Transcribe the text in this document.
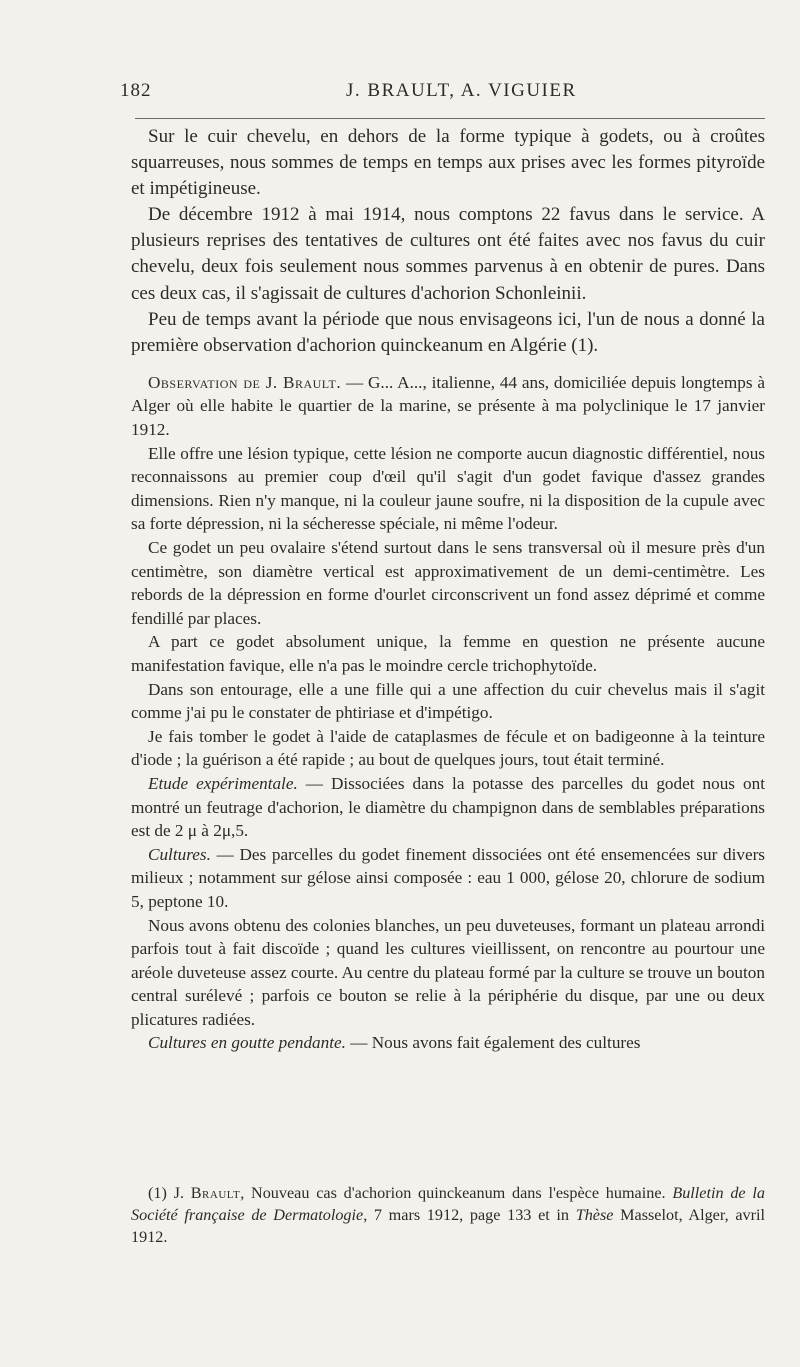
182	J. BRAULT, A. VIGUIER

Sur le cuir chevelu, en dehors de la forme typique à godets, ou à croûtes squarreuses, nous sommes de temps en temps aux prises avec les formes pityroïde et impétigineuse.

De décembre 1912 à mai 1914, nous comptons 22 favus dans le service. A plusieurs reprises des tentatives de cultures ont été faites avec nos favus du cuir chevelu, deux fois seulement nous sommes parvenus à en obtenir de pures. Dans ces deux cas, il s'agissait de cultures d'achorion Schonleinii.

Peu de temps avant la période que nous envisageons ici, l'un de nous a donné la première observation d'achorion quinckeanum en Algérie (1).

Observation de J. Brault. — G... A..., italienne, 44 ans, domiciliée depuis longtemps à Alger où elle habite le quartier de la marine, se présente à ma polyclinique le 17 janvier 1912.

Elle offre une lésion typique, cette lésion ne comporte aucun diagnostic différentiel, nous reconnaissons au premier coup d'œil qu'il s'agit d'un godet favique d'assez grandes dimensions. Rien n'y manque, ni la couleur jaune soufre, ni la disposition de la cupule avec sa forte dépression, ni la sécheresse spéciale, ni même l'odeur.

Ce godet un peu ovalaire s'étend surtout dans le sens transversal où il mesure près d'un centimètre, son diamètre vertical est approximativement de un demi-centimètre. Les rebords de la dépression en forme d'ourlet circonscrivent un fond assez déprimé et comme fendillé par places.

A part ce godet absolument unique, la femme en question ne présente aucune manifestation favique, elle n'a pas le moindre cercle trichophytoïde.

Dans son entourage, elle a une fille qui a une affection du cuir chevelus mais il s'agit comme j'ai pu le constater de phtiriase et d'impétigo.

Je fais tomber le godet à l'aide de cataplasmes de fécule et on badigeonne à la teinture d'iode ; la guérison a été rapide ; au bout de quelques jours, tout était terminé.

Etude expérimentale. — Dissociées dans la potasse des parcelles du godet nous ont montré un feutrage d'achorion, le diamètre du champignon dans de semblables préparations est de 2 μ à 2μ,5.

Cultures. — Des parcelles du godet finement dissociées ont été ensemencées sur divers milieux ; notamment sur gélose ainsi composée : eau 1 000, gélose 20, chlorure de sodium 5, peptone 10.

Nous avons obtenu des colonies blanches, un peu duveteuses, formant un plateau arrondi parfois tout à fait discoïde ; quand les cultures vieillissent, on rencontre au pourtour une aréole duveteuse assez courte. Au centre du plateau formé par la culture se trouve un bouton central surélevé ; parfois ce bouton se relie à la périphérie du disque, par une ou deux plicatures radiées.

Cultures en goutte pendante. — Nous avons fait également des cultures

(1) J. Brault, Nouveau cas d'achorion quinckeanum dans l'espèce humaine. Bulletin de la Société française de Dermatologie, 7 mars 1912, page 133 et in Thèse Masselot, Alger, avril 1912.
